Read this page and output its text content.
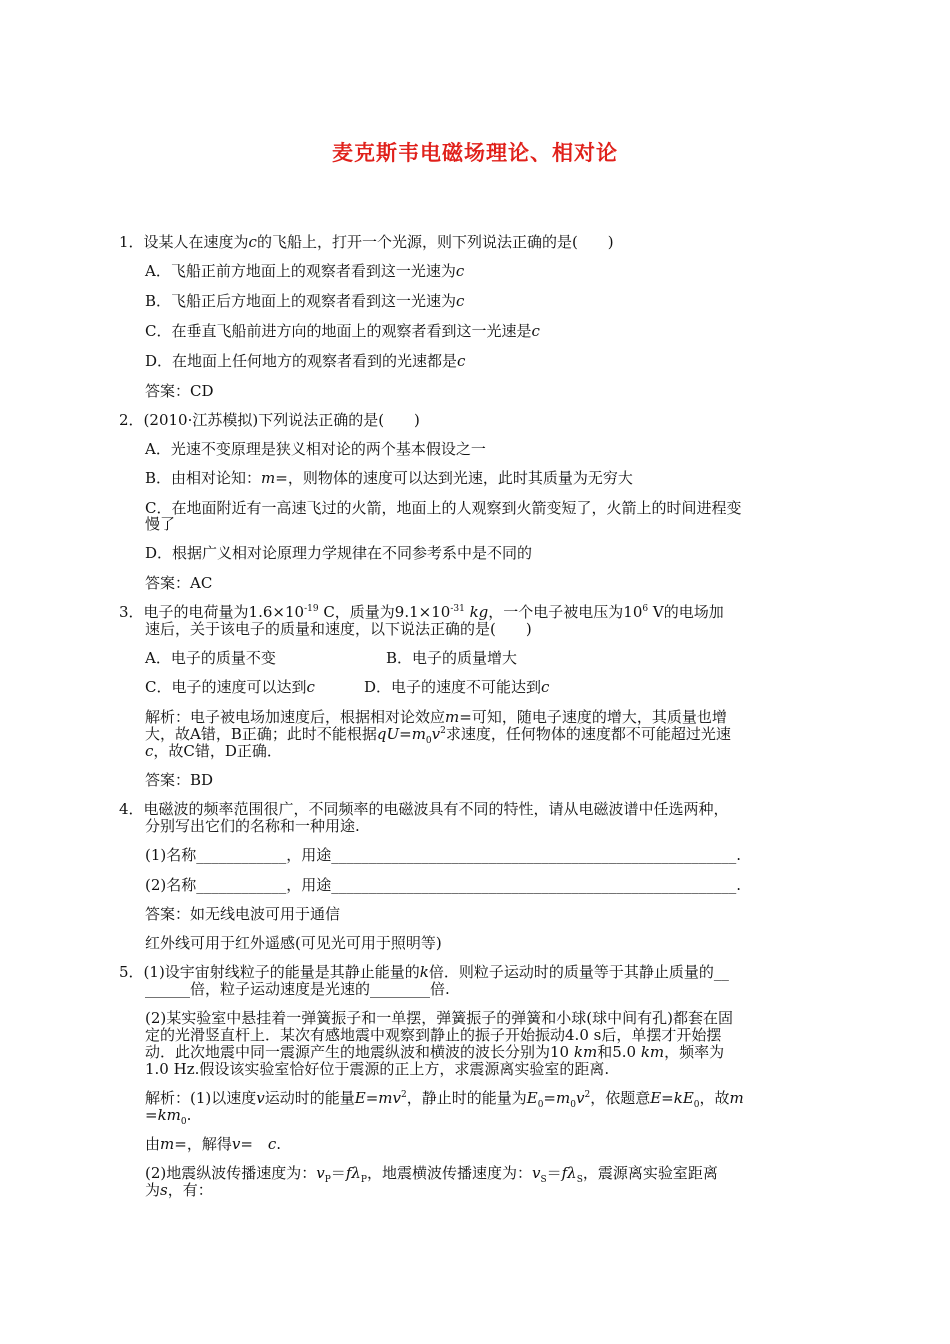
麦克斯韦电磁场理论、相对论
1．设某人在速度为c的飞船上，打开一个光源，则下列说法正确的是(　　)
A．飞船正前方地面上的观察者看到这一光速为c
B．飞船正后方地面上的观察者看到这一光速为c
C．在垂直飞船前进方向的地面上的观察者看到这一光速是c
D．在地面上任何地方的观察者看到的光速都是c
答案：CD
2．(2010·江苏模拟)下列说法正确的是(　　)
A．光速不变原理是狭义相对论的两个基本假设之一
B．由相对论知：m=，则物体的速度可以达到光速，此时其质量为无穷大
C．在地面附近有一高速飞过的火箭，地面上的人观察到火箭变短了，火箭上的时间进程变
慢了
D．根据广义相对论原理力学规律在不同参考系中是不同的
答案：AC
3．电子的电荷量为$1.6\times 10^{-19}$ C，质量为$9.1\times 10^{-31}$ kg，一个电子被电压为$10^6$ V的电场加
速后，关于该电子的质量和速度，以下说法正确的是(　　)
A．电子的质量不变	B．电子的质量增大
C．电子的速度可以达到c	D．电子的速度不可能达到c
解析：电子被电场加速度后，根据相对论效应m=可知，随电子速度的增大，其质量也增
大，故A错，B正确；此时不能根据$qU=m_0v^2$求速度，任何物体的速度都不可能超过光速
c，故C错，D正确．
答案：BD
4．电磁波的频率范围很广，不同频率的电磁波具有不同的特性，请从电磁波谱中任选两种，
分别写出它们的名称和一种用途.
(1)名称____________，用途______________________________________________________.
(2)名称____________，用途______________________________________________________.
答案：如无线电波可用于通信
红外线可用于红外遥感(可见光可用于照明等)
5．(1)设宇宙射线粒子的能量是其静止能量的k倍．则粒子运动时的质量等于其静止质量的__
______倍，粒子运动速度是光速的________倍.
(2)某实验室中悬挂着一弹簧振子和一单摆，弹簧振子的弹簧和小球(球中间有孔)都套在固
定的光滑竖直杆上．某次有感地震中观察到静止的振子开始振动4.0 s后，单摆才开始摆
动．此次地震中同一震源产生的地震纵波和横波的波长分别为10 km和5.0 km，频率为
1.0 Hz.假设该实验室恰好位于震源的正上方，求震源离实验室的距离.
解析：(1)以速度v运动时的能量$E=mv^2$，静止时的能量为$E_0=m_0v^2$，依题意$E=kE_0$，故m
$=km_0$.
由m=，解得v=　c.
(2)地震纵波传播速度为：$v_P=f\lambda_P$，地震横波传播速度为：$v_S=f\lambda_S$，震源离实验室距离
为s，有：
